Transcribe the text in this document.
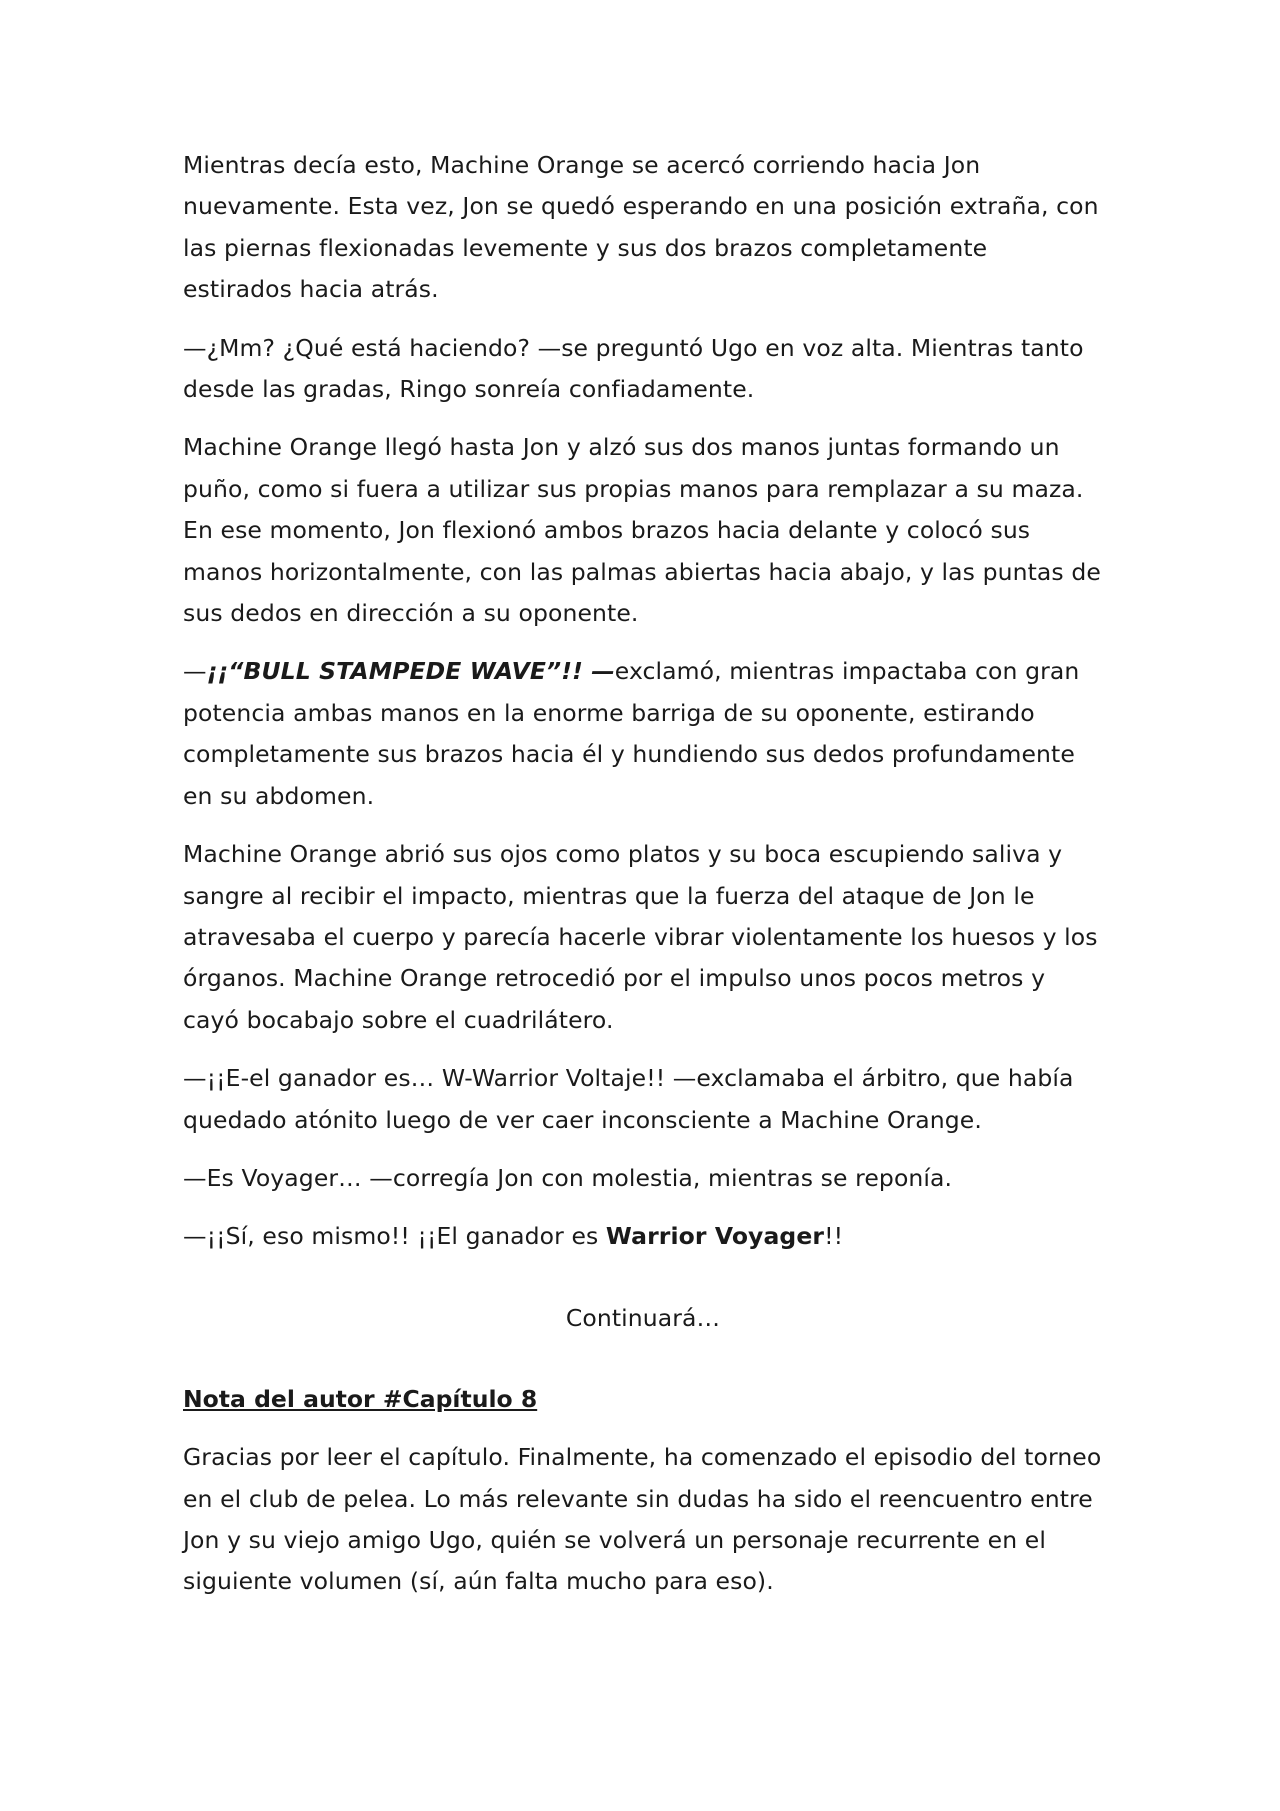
Mientras decía esto, Machine Orange se acercó corriendo hacia Jon nuevamente. Esta vez, Jon se quedó esperando en una posición extraña, con las piernas flexionadas levemente y sus dos brazos completamente estirados hacia atrás.

—¿Mm? ¿Qué está haciendo? —se preguntó Ugo en voz alta. Mientras tanto desde las gradas, Ringo sonreía confiadamente.

Machine Orange llegó hasta Jon y alzó sus dos manos juntas formando un puño, como si fuera a utilizar sus propias manos para remplazar a su maza. En ese momento, Jon flexionó ambos brazos hacia delante y colocó sus manos horizontalmente, con las palmas abiertas hacia abajo, y las puntas de sus dedos en dirección a su oponente.

—¡¡“BULL STAMPEDE WAVE”!! —exclamó, mientras impactaba con gran potencia ambas manos en la enorme barriga de su oponente, estirando completamente sus brazos hacia él y hundiendo sus dedos profundamente en su abdomen.

Machine Orange abrió sus ojos como platos y su boca escupiendo saliva y sangre al recibir el impacto, mientras que la fuerza del ataque de Jon le atravesaba el cuerpo y parecía hacerle vibrar violentamente los huesos y los órganos. Machine Orange retrocedió por el impulso unos pocos metros y cayó bocabajo sobre el cuadrilátero.

—¡¡E-el ganador es… W-Warrior Voltaje!! —exclamaba el árbitro, que había quedado atónito luego de ver caer inconsciente a Machine Orange.

—Es Voyager… —corregía Jon con molestia, mientras se reponía.

—¡¡Sí, eso mismo!! ¡¡El ganador es Warrior Voyager!!

Continuará…

Nota del autor #Capítulo 8

Gracias por leer el capítulo. Finalmente, ha comenzado el episodio del torneo en el club de pelea. Lo más relevante sin dudas ha sido el reencuentro entre Jon y su viejo amigo Ugo, quién se volverá un personaje recurrente en el siguiente volumen (sí, aún falta mucho para eso).
